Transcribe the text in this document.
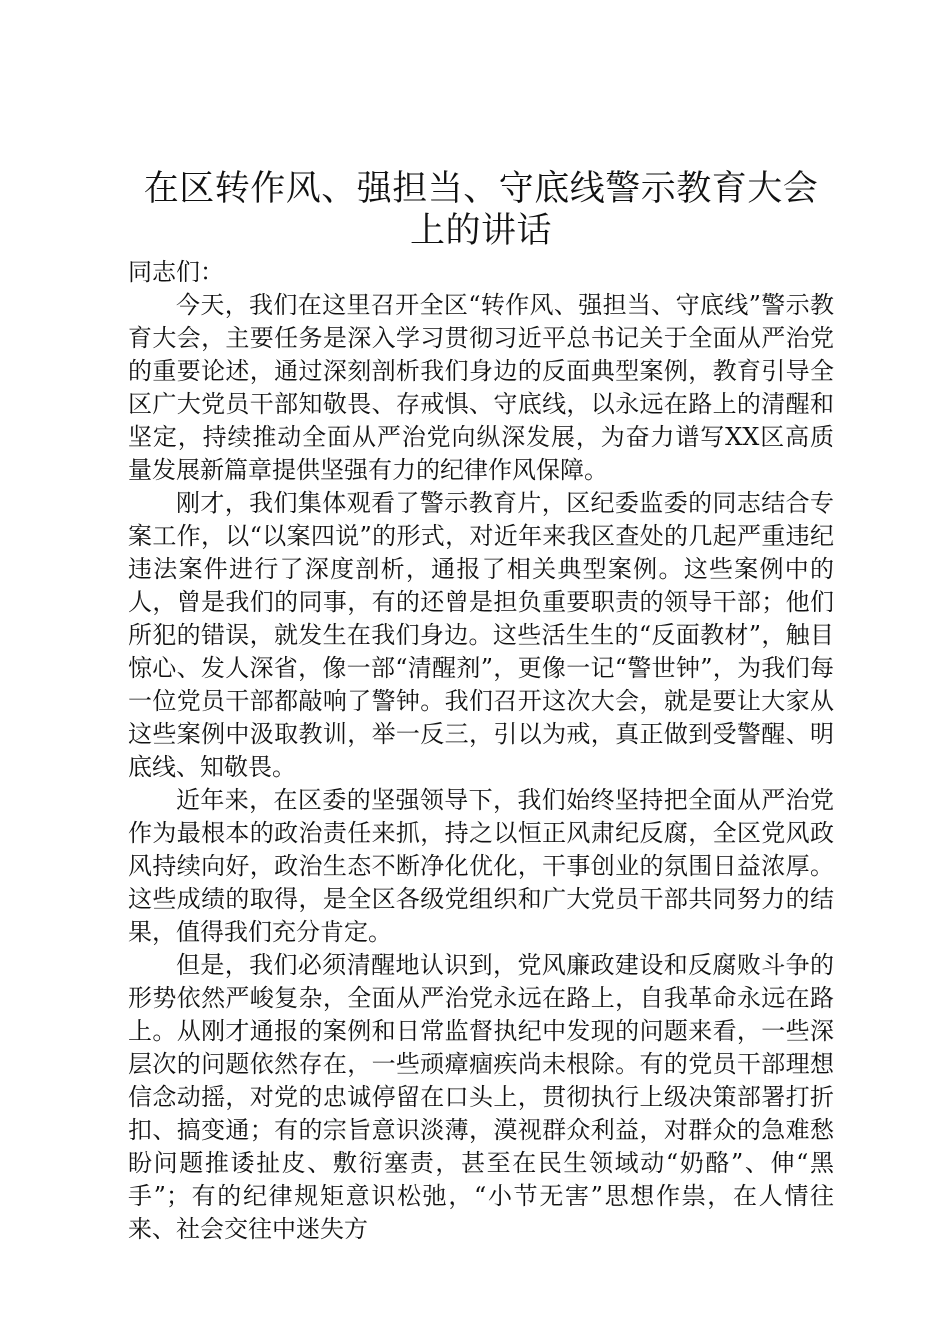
在区转作风、强担当、守底线警示教育大会上的讲话

同志们：

今天，我们在这里召开全区“转作风、强担当、守底线”警示教育大会，主要任务是深入学习贯彻习近平总书记关于全面从严治党的重要论述，通过深刻剖析我们身边的反面典型案例，教育引导全区广大党员干部知敬畏、存戒惧、守底线，以永远在路上的清醒和坚定，持续推动全面从严治党向纵深发展，为奋力谱写XX区高质量发展新篇章提供坚强有力的纪律作风保障。

刚才，我们集体观看了警示教育片，区纪委监委的同志结合专案工作，以“以案四说”的形式，对近年来我区查处的几起严重违纪违法案件进行了深度剖析，通报了相关典型案例。这些案例中的人，曾是我们的同事，有的还曾是担负重要职责的领导干部；他们所犯的错误，就发生在我们身边。这些活生生的“反面教材”，触目惊心、发人深省，像一部“清醒剂”，更像一记“警世钟”，为我们每一位党员干部都敲响了警钟。我们召开这次大会，就是要让大家从这些案例中汲取教训，举一反三，引以为戒，真正做到受警醒、明底线、知敬畏。

近年来，在区委的坚强领导下，我们始终坚持把全面从严治党作为最根本的政治责任来抓，持之以恒正风肃纪反腐，全区党风政风持续向好，政治生态不断净化优化，干事创业的氛围日益浓厚。这些成绩的取得，是全区各级党组织和广大党员干部共同努力的结果，值得我们充分肯定。

但是，我们必须清醒地认识到，党风廉政建设和反腐败斗争的形势依然严峻复杂，全面从严治党永远在路上，自我革命永远在路上。从刚才通报的案例和日常监督执纪中发现的问题来看，一些深层次的问题依然存在，一些顽瘴痼疾尚未根除。有的党员干部理想信念动摇，对党的忠诚停留在口头上，贯彻执行上级决策部署打折扣、搞变通；有的宗旨意识淡薄，漠视群众利益，对群众的急难愁盼问题推诿扯皮、敷衍塞责，甚至在民生领域动“奶酪”、伸“黑手”；有的纪律规矩意识松弛，“小节无害”思想作祟，在人情往来、社会交往中迷失方
